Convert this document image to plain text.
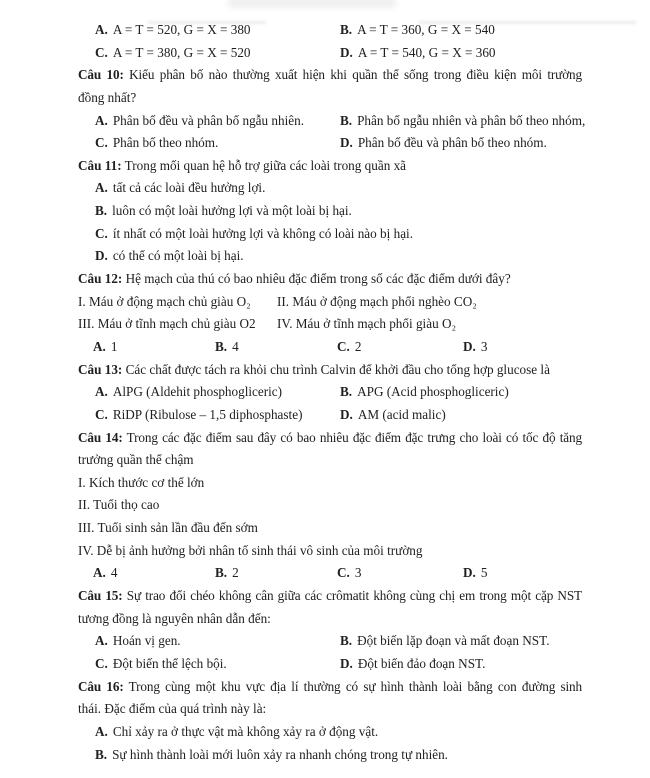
A. A = T = 520, G = X = 380	B. A = T = 360, G = X = 540
C. A = T = 380, G = X = 520	D. A = T = 540, G = X = 360
Câu 10: Kiểu phân bố nào thường xuất hiện khi quần thể sống trong điều kiện môi trường
đồng nhất?
A. Phân bố đều và phân bố ngẫu nhiên.	B. Phân bố ngẫu nhiên và phân bố theo nhóm,
C. Phân bố theo nhóm.	D. Phân bố đều và phân bố theo nhóm.
Câu 11: Trong mối quan hệ hỗ trợ giữa các loài trong quần xã
A. tất cả các loài đều hưởng lợi.
B. luôn có một loài hưởng lợi và một loài bị hại.
C. ít nhất có một loài hưởng lợi và không có loài nào bị hại.
D. có thể có một loài bị hại.
Câu 12: Hệ mạch của thú có bao nhiêu đặc điểm trong số các đặc điểm dưới đây?
I. Máu ở động mạch chủ giàu O₂	II. Máu ở động mạch phổi nghèo CO₂
III. Máu ở tĩnh mạch chủ giàu O2	IV. Máu ở tĩnh mạch phổi giàu O₂
A. 1	B. 4	C. 2	D. 3
Câu 13: Các chất được tách ra khỏi chu trình Calvin để khởi đầu cho tổng hợp glucose là
A. AlPG (Aldehit phosphogliceric)	B. APG (Acid phosphogliceric)
C. RiDP (Ribulose – 1,5 diphosphaste)	D. AM (acid malic)
Câu 14: Trong các đặc điểm sau đây có bao nhiêu đặc điểm đặc trưng cho loài có tốc độ tăng
trưởng quần thể chậm
I. Kích thước cơ thể lớn
II. Tuổi thọ cao
III. Tuổi sinh sản lần đầu đến sớm
IV. Dễ bị ảnh hưởng bởi nhân tố sinh thái vô sinh của môi trường
A. 4	B. 2	C. 3	D. 5
Câu 15: Sự trao đổi chéo không cân giữa các crômatit không cùng chị em trong một cặp NST
tương đồng là nguyên nhân dẫn đến:
A. Hoán vị gen.	B. Đột biến lặp đoạn và mất đoạn NST.
C. Đột biến thể lệch bội.	D. Đột biến đảo đoạn NST.
Câu 16: Trong cùng một khu vực địa lí thường có sự hình thành loài bằng con đường sinh
thái. Đặc điểm của quá trình này là:
A. Chỉ xảy ra ở thực vật mà không xảy ra ở động vật.
B. Sự hình thành loài mới luôn xảy ra nhanh chóng trong tự nhiên.
